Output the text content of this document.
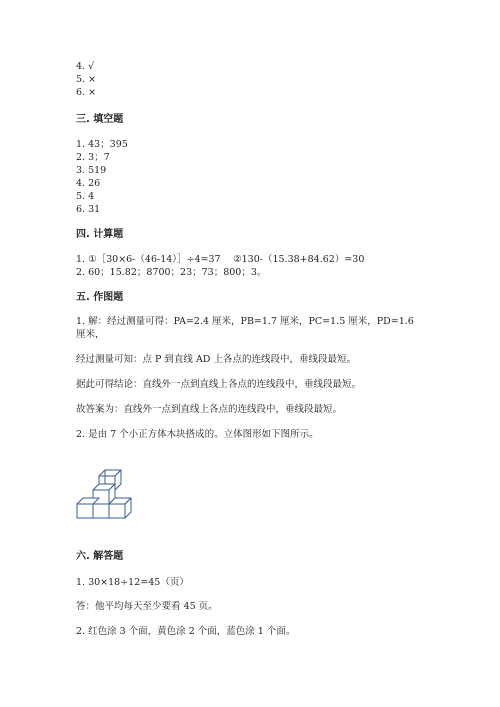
4. √
5. ×
6. ×
三. 填空题
1. 43；395
2. 3；7
3. 519
4. 26
5. 4
6. 31
四. 计算题
1. ①［30×6-（46-14）］÷4=37　 ②130-（15.38+84.62）=30
2. 60；15.82；8700；23；73；800；3。
五. 作图题
1. 解：经过测量可得：PA=2.4 厘米，PB=1.7 厘米，PC=1.5 厘米，PD=1.6 厘米，
经过测量可知：点 P 到直线 AD 上各点的连线段中，垂线段最短。
据此可得结论：直线外一点到直线上各点的连线段中，垂线段最短。
故答案为：直线外一点到直线上各点的连线段中，垂线段最短。
2. 是由 7 个小正方体木块搭成的。立体图形如下图所示。
六. 解答题
1. 30×18÷12=45（页）
答：他平均每天至少要看 45 页。
2. 红色涂 3 个面，黄色涂 2 个面，蓝色涂 1 个面。
